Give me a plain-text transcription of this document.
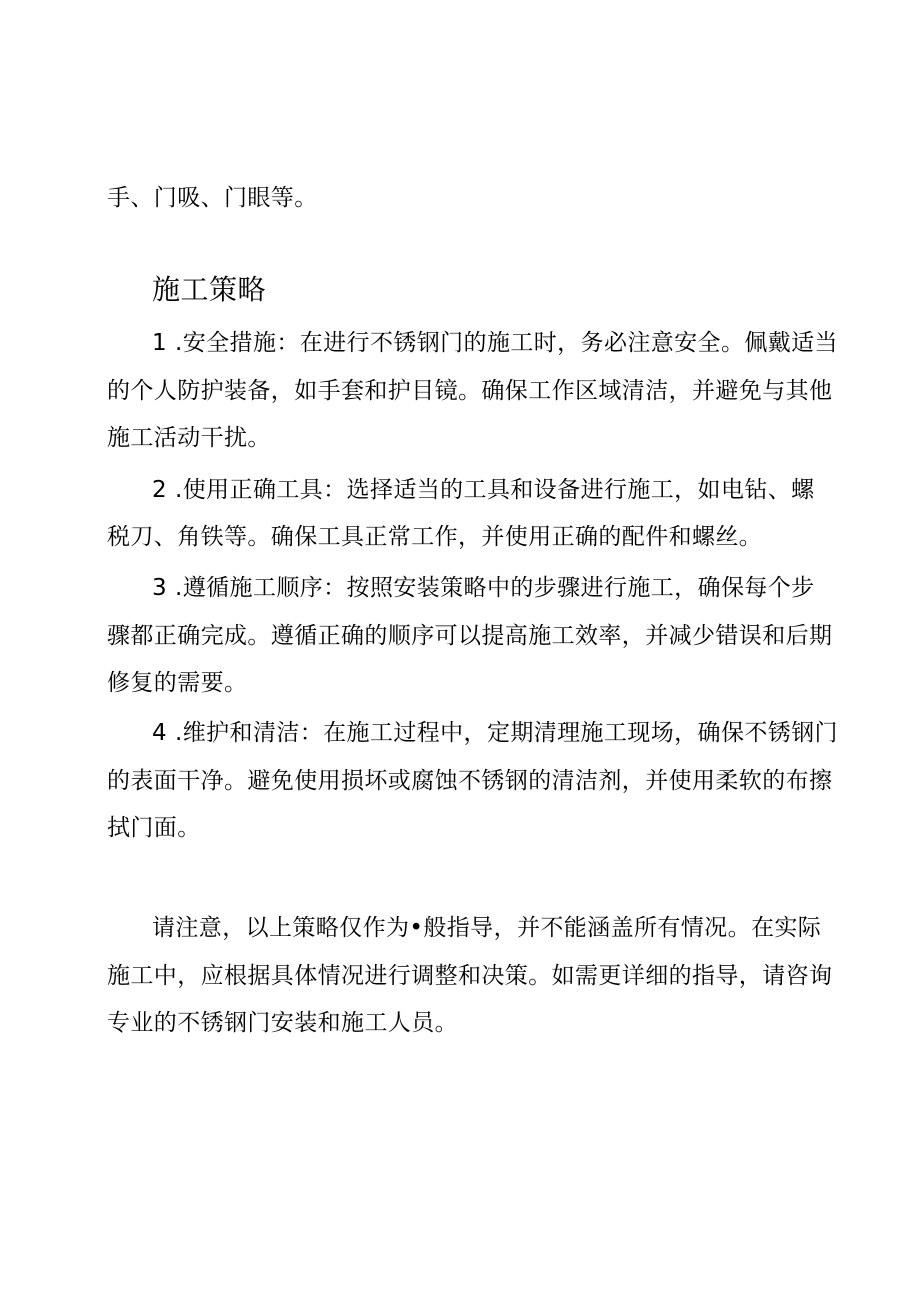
手、门吸、门眼等。
施工策略
1 .安全措施：在进行不锈钢门的施工时，务必注意安全。佩戴适当
的个人防护装备，如手套和护目镜。确保工作区域清洁，并避免与其他
施工活动干扰。
2 .使用正确工具：选择适当的工具和设备进行施工，如电钻、螺
税刀、角铁等。确保工具正常工作，并使用正确的配件和螺丝。
3 .遵循施工顺序：按照安装策略中的步骤进行施工，确保每个步
骤都正确完成。遵循正确的顺序可以提高施工效率，并减少错误和后期
修复的需要。
4 .维护和清洁：在施工过程中，定期清理施工现场，确保不锈钢门
的表面干净。避免使用损坏或腐蚀不锈钢的清洁剂，并使用柔软的布擦
拭门面。
请注意，以上策略仅作为•般指导，并不能涵盖所有情况。在实际
施工中，应根据具体情况进行调整和决策。如需更详细的指导，请咨询
专业的不锈钢门安装和施工人员。
